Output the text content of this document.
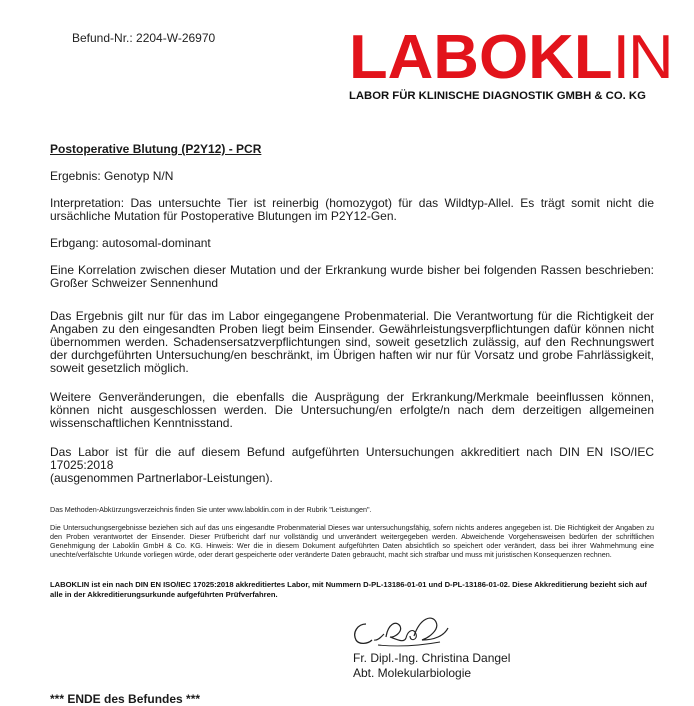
Befund-Nr.: 2204-W-26970 LABOKLIN
LABOR FÜR KLINISCHE DIAGNOSTIK GMBH & CO. KG

Postoperative Blutung (P2Y12) - PCR

Ergebnis: Genotyp N/N

Interpretation: Das untersuchte Tier ist reinerbig (homozygot) für das Wildtyp-Allel. Es trägt somit nicht die ursächliche Mutation für Postoperative Blutungen im P2Y12-Gen.

Erbgang: autosomal-dominant

Eine Korrelation zwischen dieser Mutation und der Erkrankung wurde bisher bei folgenden Rassen beschrieben: Großer Schweizer Sennenhund

Das Ergebnis gilt nur für das im Labor eingegangene Probenmaterial. Die Verantwortung für die Richtigkeit der Angaben zu den eingesandten Proben liegt beim Einsender. Gewährleistungsverpflichtungen dafür können nicht übernommen werden. Schadensersatzverpflichtungen sind, soweit gesetzlich zulässig, auf den Rechnungswert der durchgeführten Untersuchung/en beschränkt, im Übrigen haften wir nur für Vorsatz und grobe Fahrlässigkeit, soweit gesetzlich möglich.

Weitere Genveränderungen, die ebenfalls die Ausprägung der Erkrankung/Merkmale beeinflussen können, können nicht ausgeschlossen werden. Die Untersuchung/en erfolgte/n nach dem derzeitigen allgemeinen wissenschaftlichen Kenntnisstand.

Das Labor ist für die auf diesem Befund aufgeführten Untersuchungen akkreditiert nach DIN EN ISO/IEC 17025:2018

(ausgenommen Partnerlabor-Leistungen).

Das Methoden-Abkürzungsverzeichnis finden Sie unter www.laboklin.com in der Rubrik "Leistungen".
Die Untersuchungsergebnisse beziehen sich auf das uns eingesandte Probenmaterial Dieses war untersuchungsfähig, sofern nichts anderes angegeben ist. Die Richtigkeit der Angaben zu den Proben verantwortet der Einsender. Dieser Prüfbericht darf nur vollständig und unverändert weitergegeben werden. Abweichende Vorgehensweisen bedürfen der schriftlichen Genehmigung der Laboklin GmbH & Co. KG. Hinweis: Wer die in diesem Dokument aufgeführten Daten absichtlich so speichert oder verändert, dass bei ihrer Wahrnehmung eine unechte/verfälschte Urkunde vorliegen würde, oder derart gespeicherte oder veränderte Daten gebraucht, macht sich strafbar und muss mit juristischen Konsequenzen rechnen.
LABOKLIN ist ein nach DIN EN ISO/IEC 17025:2018 akkreditiertes Labor, mit Nummern D-PL-13186-01-01 und D-PL-13186-01-02. Diese Akkreditierung bezieht sich auf alle in der Akkreditierungsurkunde aufgeführten Prüfverfahren.
Fr. Dipl.-Ing. Christina Dangel
Abt. Molekularbiologie
*** ENDE des Befundes ***
